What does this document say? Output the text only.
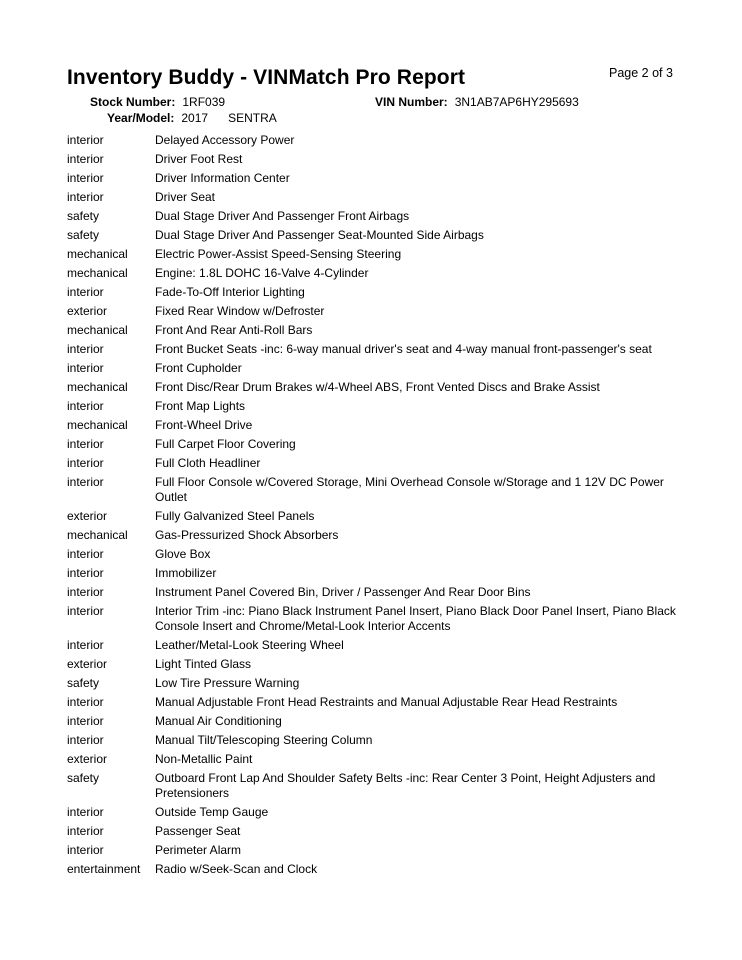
Inventory Buddy - VINMatch Pro Report	Page 2 of 3
Stock Number: 1RF039	VIN Number: 3N1AB7AP6HY295693
Year/Model: 2017 SENTRA
interior	Delayed Accessory Power
interior	Driver Foot Rest
interior	Driver Information Center
interior	Driver Seat
safety	Dual Stage Driver And Passenger Front Airbags
safety	Dual Stage Driver And Passenger Seat-Mounted Side Airbags
mechanical	Electric Power-Assist Speed-Sensing Steering
mechanical	Engine: 1.8L DOHC 16-Valve 4-Cylinder
interior	Fade-To-Off Interior Lighting
exterior	Fixed Rear Window w/Defroster
mechanical	Front And Rear Anti-Roll Bars
interior	Front Bucket Seats -inc: 6-way manual driver's seat and 4-way manual front-passenger's seat
interior	Front Cupholder
mechanical	Front Disc/Rear Drum Brakes w/4-Wheel ABS, Front Vented Discs and Brake Assist
interior	Front Map Lights
mechanical	Front-Wheel Drive
interior	Full Carpet Floor Covering
interior	Full Cloth Headliner
interior	Full Floor Console w/Covered Storage, Mini Overhead Console w/Storage and 1 12V DC Power Outlet
exterior	Fully Galvanized Steel Panels
mechanical	Gas-Pressurized Shock Absorbers
interior	Glove Box
interior	Immobilizer
interior	Instrument Panel Covered Bin, Driver / Passenger And Rear Door Bins
interior	Interior Trim -inc: Piano Black Instrument Panel Insert, Piano Black Door Panel Insert, Piano Black Console Insert and Chrome/Metal-Look Interior Accents
interior	Leather/Metal-Look Steering Wheel
exterior	Light Tinted Glass
safety	Low Tire Pressure Warning
interior	Manual Adjustable Front Head Restraints and Manual Adjustable Rear Head Restraints
interior	Manual Air Conditioning
interior	Manual Tilt/Telescoping Steering Column
exterior	Non-Metallic Paint
safety	Outboard Front Lap And Shoulder Safety Belts -inc: Rear Center 3 Point, Height Adjusters and Pretensioners
interior	Outside Temp Gauge
interior	Passenger Seat
interior	Perimeter Alarm
entertainment	Radio w/Seek-Scan and Clock
